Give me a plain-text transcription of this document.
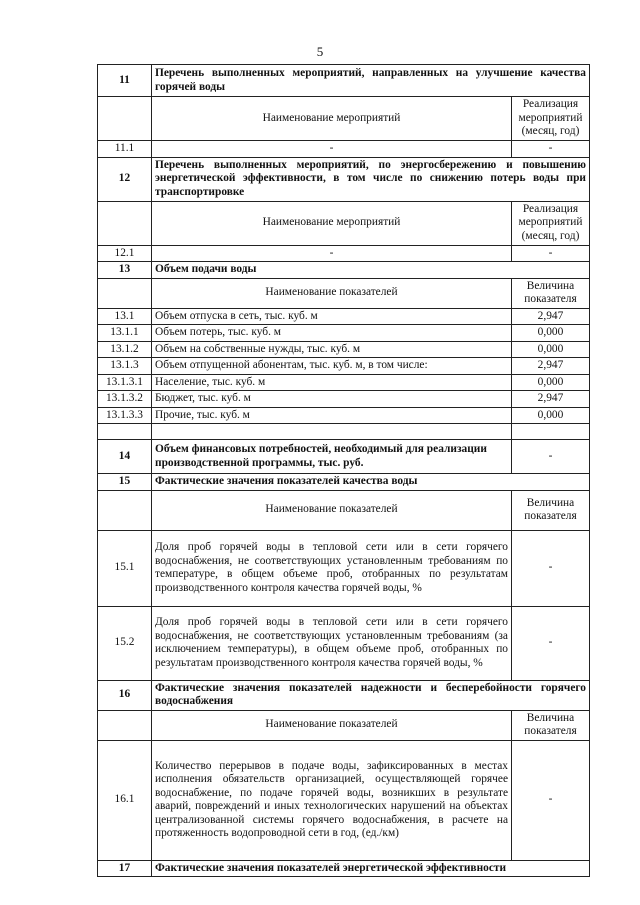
5
11	Перечень выполненных мероприятий, направленных на улучшение качества горячей воды	
	Наименование мероприятий	Реализация мероприятий (месяц, год)
11.1	-	-
12	Перечень выполненных мероприятий, по энергосбережению и повышению энергетической эффективности, в том числе по снижению потерь воды при транспортировке	
	Наименование мероприятий	Реализация мероприятий (месяц, год)
12.1	-	-
13	Объем подачи воды	
	Наименование показателей	Величина показателя
13.1	Объем отпуска в сеть, тыс. куб. м	2,947
13.1.1	Объем потерь, тыс. куб. м	0,000
13.1.2	Объем на собственные нужды, тыс. куб. м	0,000
13.1.3	Объем отпущенной абонентам, тыс. куб. м, в том числе:	2,947
13.1.3.1	Население, тыс. куб. м	0,000
13.1.3.2	Бюджет, тыс. куб. м	2,947
13.1.3.3	Прочие, тыс. куб. м	0,000

14	Объем финансовых потребностей, необходимый для реализации производственной программы, тыс. руб.	-
15	Фактические значения показателей качества воды	
	Наименование показателей	Величина показателя
15.1	Доля проб горячей воды в тепловой сети или в сети горячего водоснабжения, не соответствующих установленным требованиям по температуре, в общем объеме проб, отобранных по результатам производственного контроля качества горячей воды, %	-
15.2	Доля проб горячей воды в тепловой сети или в сети горячего водоснабжения, не соответствующих установленным требованиям (за исключением температуры), в общем объеме проб, отобранных по результатам производственного контроля качества горячей воды, %	-
16	Фактические значения показателей надежности и бесперебойности горячего водоснабжения	
	Наименование показателей	Величина показателя
16.1	Количество перерывов в подаче воды, зафиксированных в местах исполнения обязательств организацией, осуществляющей горячее водоснабжение, по подаче горячей воды, возникших в результате аварий, повреждений и иных технологических нарушений на объектах централизованной системы горячего водоснабжения, в расчете на протяженность водопроводной сети в год, (ед./км)	-
17	Фактические значения показателей энергетической эффективности	
